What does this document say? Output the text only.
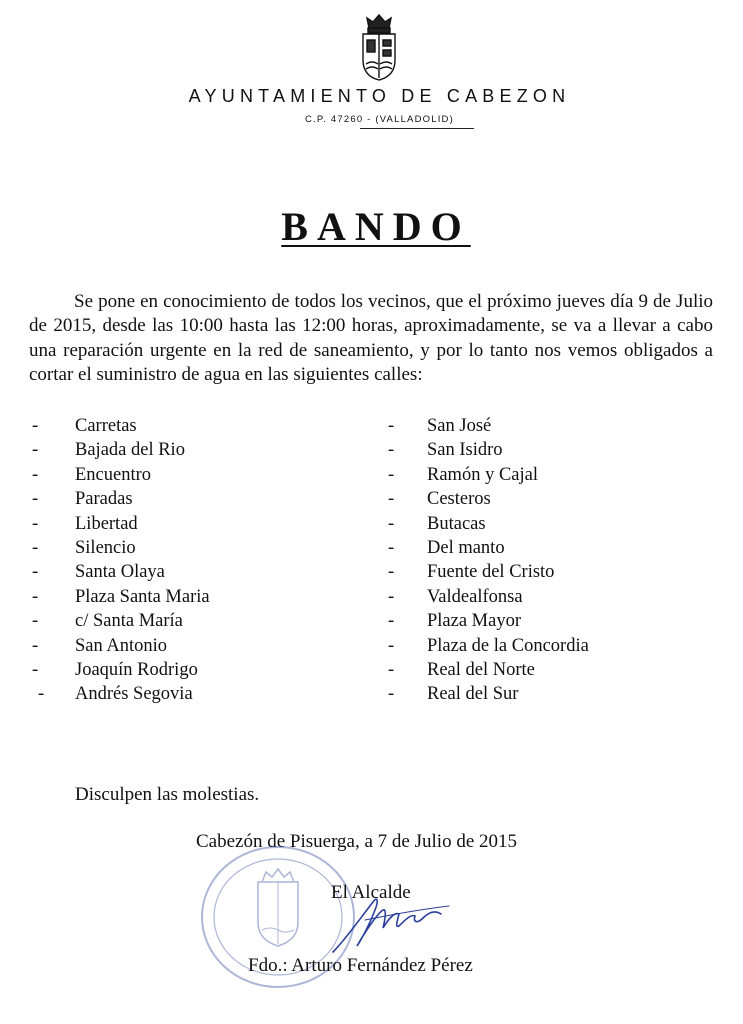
AYUNTAMIENTO DE CABEZON
C.P. 47260 - (VALLADOLID)
BANDO

Se pone en conocimiento de todos los vecinos, que el próximo jueves día 9 de Julio de 2015, desde las 10:00 hasta las 12:00 horas, aproximadamente, se va a llevar a cabo una reparación urgente en la red de saneamiento, y por lo tanto nos vemos obligados a cortar el suministro de agua en las siguientes calles:

- Carretas
- Bajada del Rio
- Encuentro
- Paradas
- Libertad
- Silencio
- Santa Olaya
- Plaza Santa Maria
- c/ Santa María
- San Antonio
- Joaquín Rodrigo
- Andrés Segovia
- San José
- San Isidro
- Ramón y Cajal
- Cesteros
- Butacas
- Del manto
- Fuente del Cristo
- Valdealfonsa
- Plaza Mayor
- Plaza de la Concordia
- Real del Norte
- Real del Sur

Disculpen las molestias.

Cabezón de Pisuerga, a 7 de Julio de 2015

El Alcalde

Fdo.: Arturo Fernández Pérez
